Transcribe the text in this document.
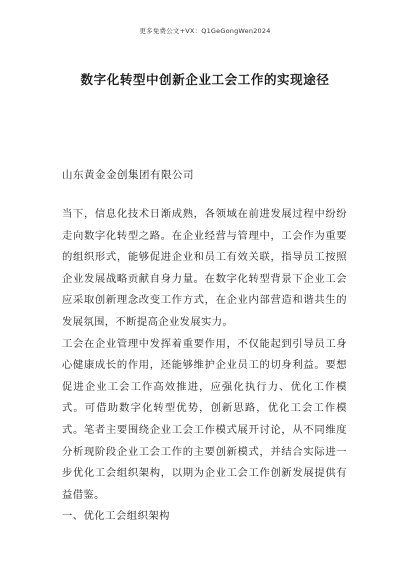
更多免费公文+VX：Q1GeGongWen2024
数字化转型中创新企业工会工作的实现途径
山东黄金金创集团有限公司

当下，信息化技术日渐成熟，各领域在前进发展过程中纷纷走向数字化转型之路。在企业经营与管理中，工会作为重要的组织形式，能够促进企业和员工有效关联，指导员工按照企业发展战略贡献自身力量。在数字化转型背景下企业工会应采取创新理念改变工作方式，在企业内部营造和谐共生的发展氛围，不断提高企业发展实力。

工会在企业管理中发挥着重要作用，不仅能起到引导员工身心健康成长的作用，还能够维护企业员工的切身利益。要想促进企业工会工作高效推进，应强化执行力、优化工作模式。可借助数字化转型优势，创新思路，优化工会工作模式。笔者主要围绕企业工会工作模式展开讨论，从不同维度分析现阶段企业工会工作的主要创新模式，并结合实际进一步优化工会组织架构，以期为企业工会工作创新发展提供有益借鉴。

一、优化工会组织架构
